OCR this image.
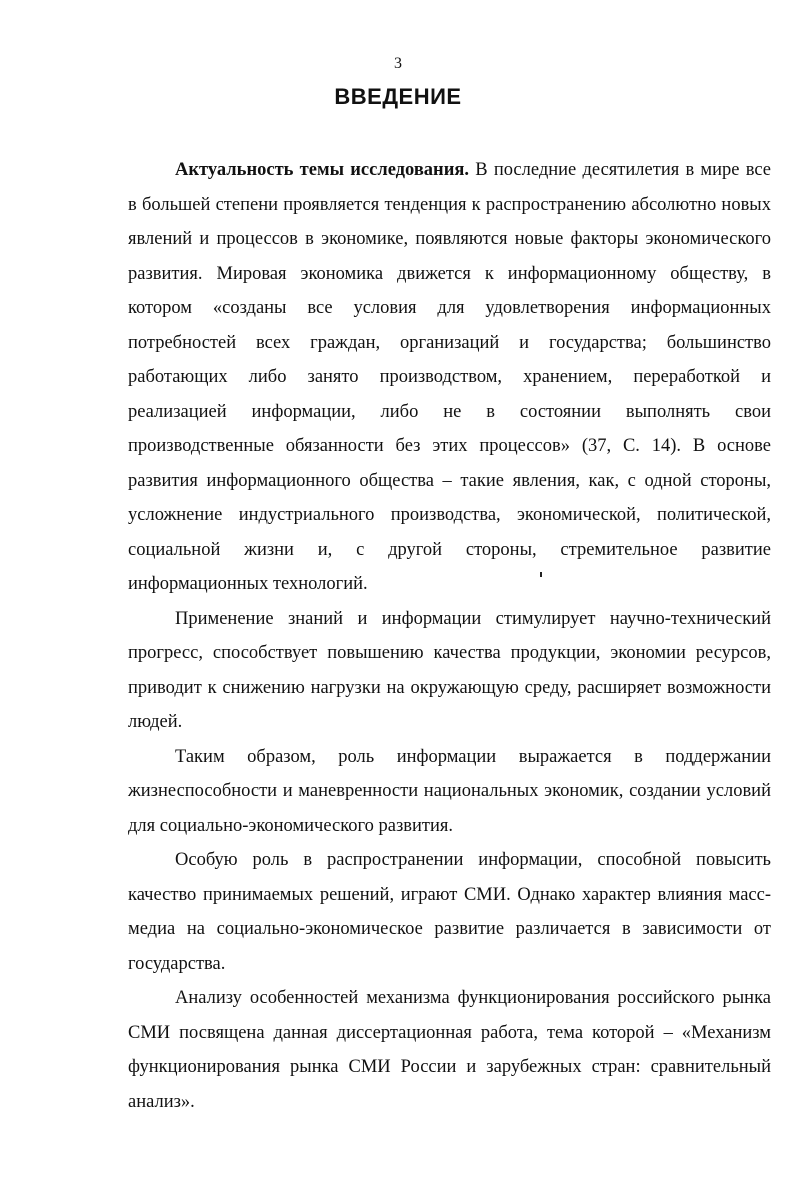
3
ВВЕДЕНИЕ

Актуальность темы исследования. В последние десятилетия в мире все в большей степени проявляется тенденция к распространению абсолютно новых явлений и процессов в экономике, появляются новые факторы экономического развития. Мировая экономика движется к информационному обществу, в котором «созданы все условия для удовлетворения информационных потребностей всех граждан, организаций и государства; большинство работающих либо занято производством, хранением, переработкой и реализацией информации, либо не в состоянии выполнять свои производственные обязанности без этих процессов» (37, С. 14). В основе развития информационного общества – такие явления, как, с одной стороны, усложнение индустриального производства, экономической, политической, социальной жизни и, с другой стороны, стремительное развитие информационных технологий.

Применение знаний и информации стимулирует научно-технический прогресс, способствует повышению качества продукции, экономии ресурсов, приводит к снижению нагрузки на окружающую среду, расширяет возможности людей.

Таким образом, роль информации выражается в поддержании жизнеспособности и маневренности национальных экономик, создании условий для социально-экономического развития.

Особую роль в распространении информации, способной повысить качество принимаемых решений, играют СМИ. Однако характер влияния масс-медиа на социально-экономическое развитие различается в зависимости от государства.

Анализу особенностей механизма функционирования российского рынка СМИ посвящена данная диссертационная работа, тема которой – «Механизм функционирования рынка СМИ России и зарубежных стран: сравнительный анализ».
